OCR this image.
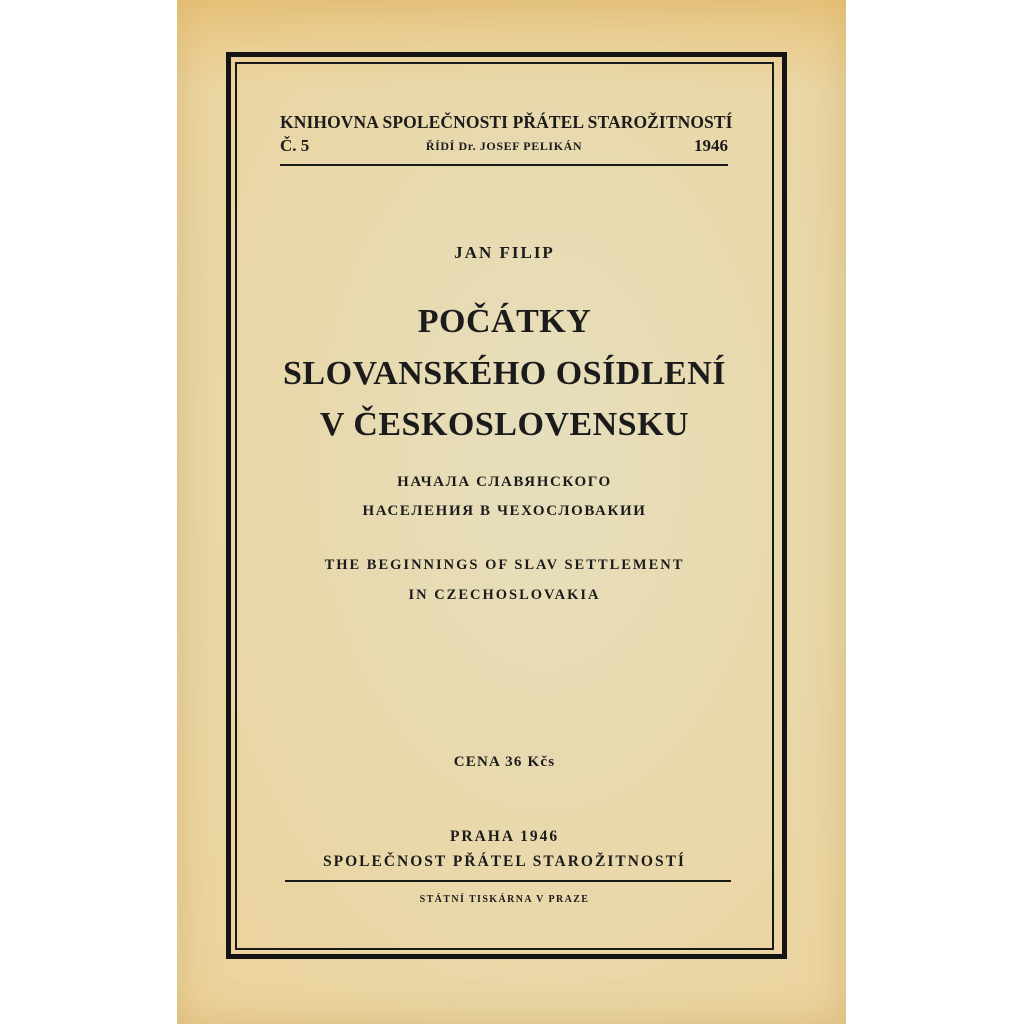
KNIHOVNA SPOLEČNOSTI PŘÁTEL STAROŽITNOSTÍ
Č. 5	ŘÍDÍ Dr. JOSEF PELIKÁN	1946
JAN FILIP
POČÁTKY
SLOVANSKÉHO OSÍDLENÍ
V ČESKOSLOVENSKU
НАЧАЛА СЛАВЯНСКОГО
НАСЕЛЕНИЯ В ЧЕХОСЛОВАКИИ
THE BEGINNINGS OF SLAV SETTLEMENT
IN CZECHOSLOVAKIA
CENA 36 Kčs
PRAHA 1946
SPOLEČNOST PŘÁTEL STAROŽITNOSTÍ
STÁTNÍ TISKÁRNA V PRAZE
